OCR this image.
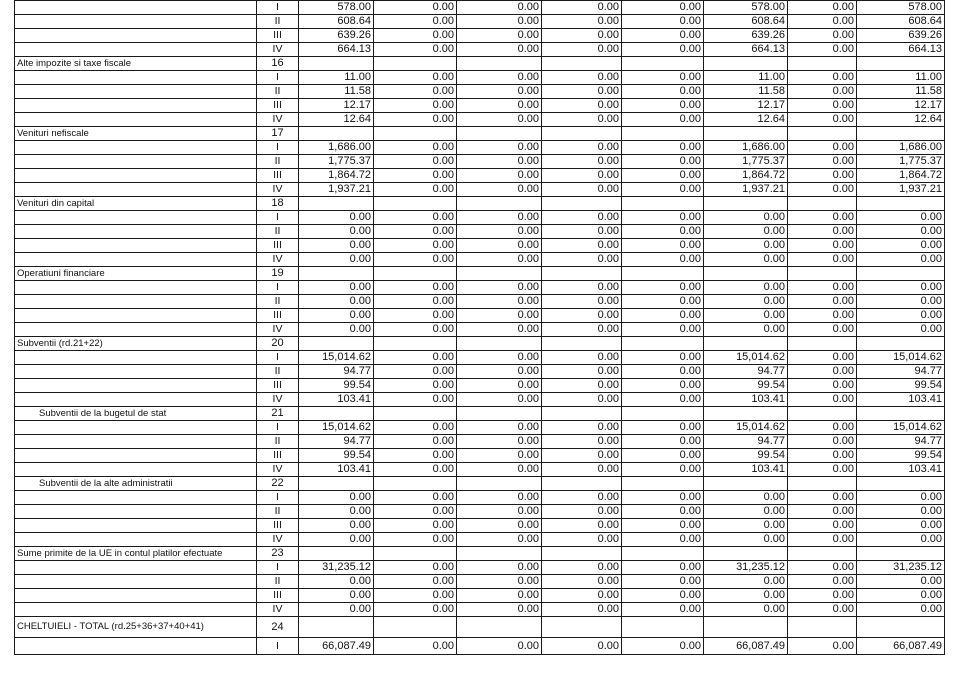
	I	578.00	0.00	0.00	0.00	0.00	578.00	0.00	578.00
	II	608.64	0.00	0.00	0.00	0.00	608.64	0.00	608.64
	III	639.26	0.00	0.00	0.00	0.00	639.26	0.00	639.26
	IV	664.13	0.00	0.00	0.00	0.00	664.13	0.00	664.13
Alte impozite si taxe fiscale	16								
	I	11.00	0.00	0.00	0.00	0.00	11.00	0.00	11.00
	II	11.58	0.00	0.00	0.00	0.00	11.58	0.00	11.58
	III	12.17	0.00	0.00	0.00	0.00	12.17	0.00	12.17
	IV	12.64	0.00	0.00	0.00	0.00	12.64	0.00	12.64
Venituri nefiscale	17								
	I	1,686.00	0.00	0.00	0.00	0.00	1,686.00	0.00	1,686.00
	II	1,775.37	0.00	0.00	0.00	0.00	1,775.37	0.00	1,775.37
	III	1,864.72	0.00	0.00	0.00	0.00	1,864.72	0.00	1,864.72
	IV	1,937.21	0.00	0.00	0.00	0.00	1,937.21	0.00	1,937.21
Venituri din capital	18								
	I	0.00	0.00	0.00	0.00	0.00	0.00	0.00	0.00
	II	0.00	0.00	0.00	0.00	0.00	0.00	0.00	0.00
	III	0.00	0.00	0.00	0.00	0.00	0.00	0.00	0.00
	IV	0.00	0.00	0.00	0.00	0.00	0.00	0.00	0.00
Operatiuni financiare	19								
	I	0.00	0.00	0.00	0.00	0.00	0.00	0.00	0.00
	II	0.00	0.00	0.00	0.00	0.00	0.00	0.00	0.00
	III	0.00	0.00	0.00	0.00	0.00	0.00	0.00	0.00
	IV	0.00	0.00	0.00	0.00	0.00	0.00	0.00	0.00
Subventii (rd.21+22)	20								
	I	15,014.62	0.00	0.00	0.00	0.00	15,014.62	0.00	15,014.62
	II	94.77	0.00	0.00	0.00	0.00	94.77	0.00	94.77
	III	99.54	0.00	0.00	0.00	0.00	99.54	0.00	99.54
	IV	103.41	0.00	0.00	0.00	0.00	103.41	0.00	103.41
Subventii de la bugetul de stat	21								
	I	15,014.62	0.00	0.00	0.00	0.00	15,014.62	0.00	15,014.62
	II	94.77	0.00	0.00	0.00	0.00	94.77	0.00	94.77
	III	99.54	0.00	0.00	0.00	0.00	99.54	0.00	99.54
	IV	103.41	0.00	0.00	0.00	0.00	103.41	0.00	103.41
Subventii de la alte administratii	22								
	I	0.00	0.00	0.00	0.00	0.00	0.00	0.00	0.00
	II	0.00	0.00	0.00	0.00	0.00	0.00	0.00	0.00
	III	0.00	0.00	0.00	0.00	0.00	0.00	0.00	0.00
	IV	0.00	0.00	0.00	0.00	0.00	0.00	0.00	0.00
Sume primite de la UE in contul platilor efectuate	23								
	I	31,235.12	0.00	0.00	0.00	0.00	31,235.12	0.00	31,235.12
	II	0.00	0.00	0.00	0.00	0.00	0.00	0.00	0.00
	III	0.00	0.00	0.00	0.00	0.00	0.00	0.00	0.00
	IV	0.00	0.00	0.00	0.00	0.00	0.00	0.00	0.00
CHELTUIELI - TOTAL (rd.25+36+37+40+41)	24								
	I	66,087.49	0.00	0.00	0.00	0.00	66,087.49	0.00	66,087.49
